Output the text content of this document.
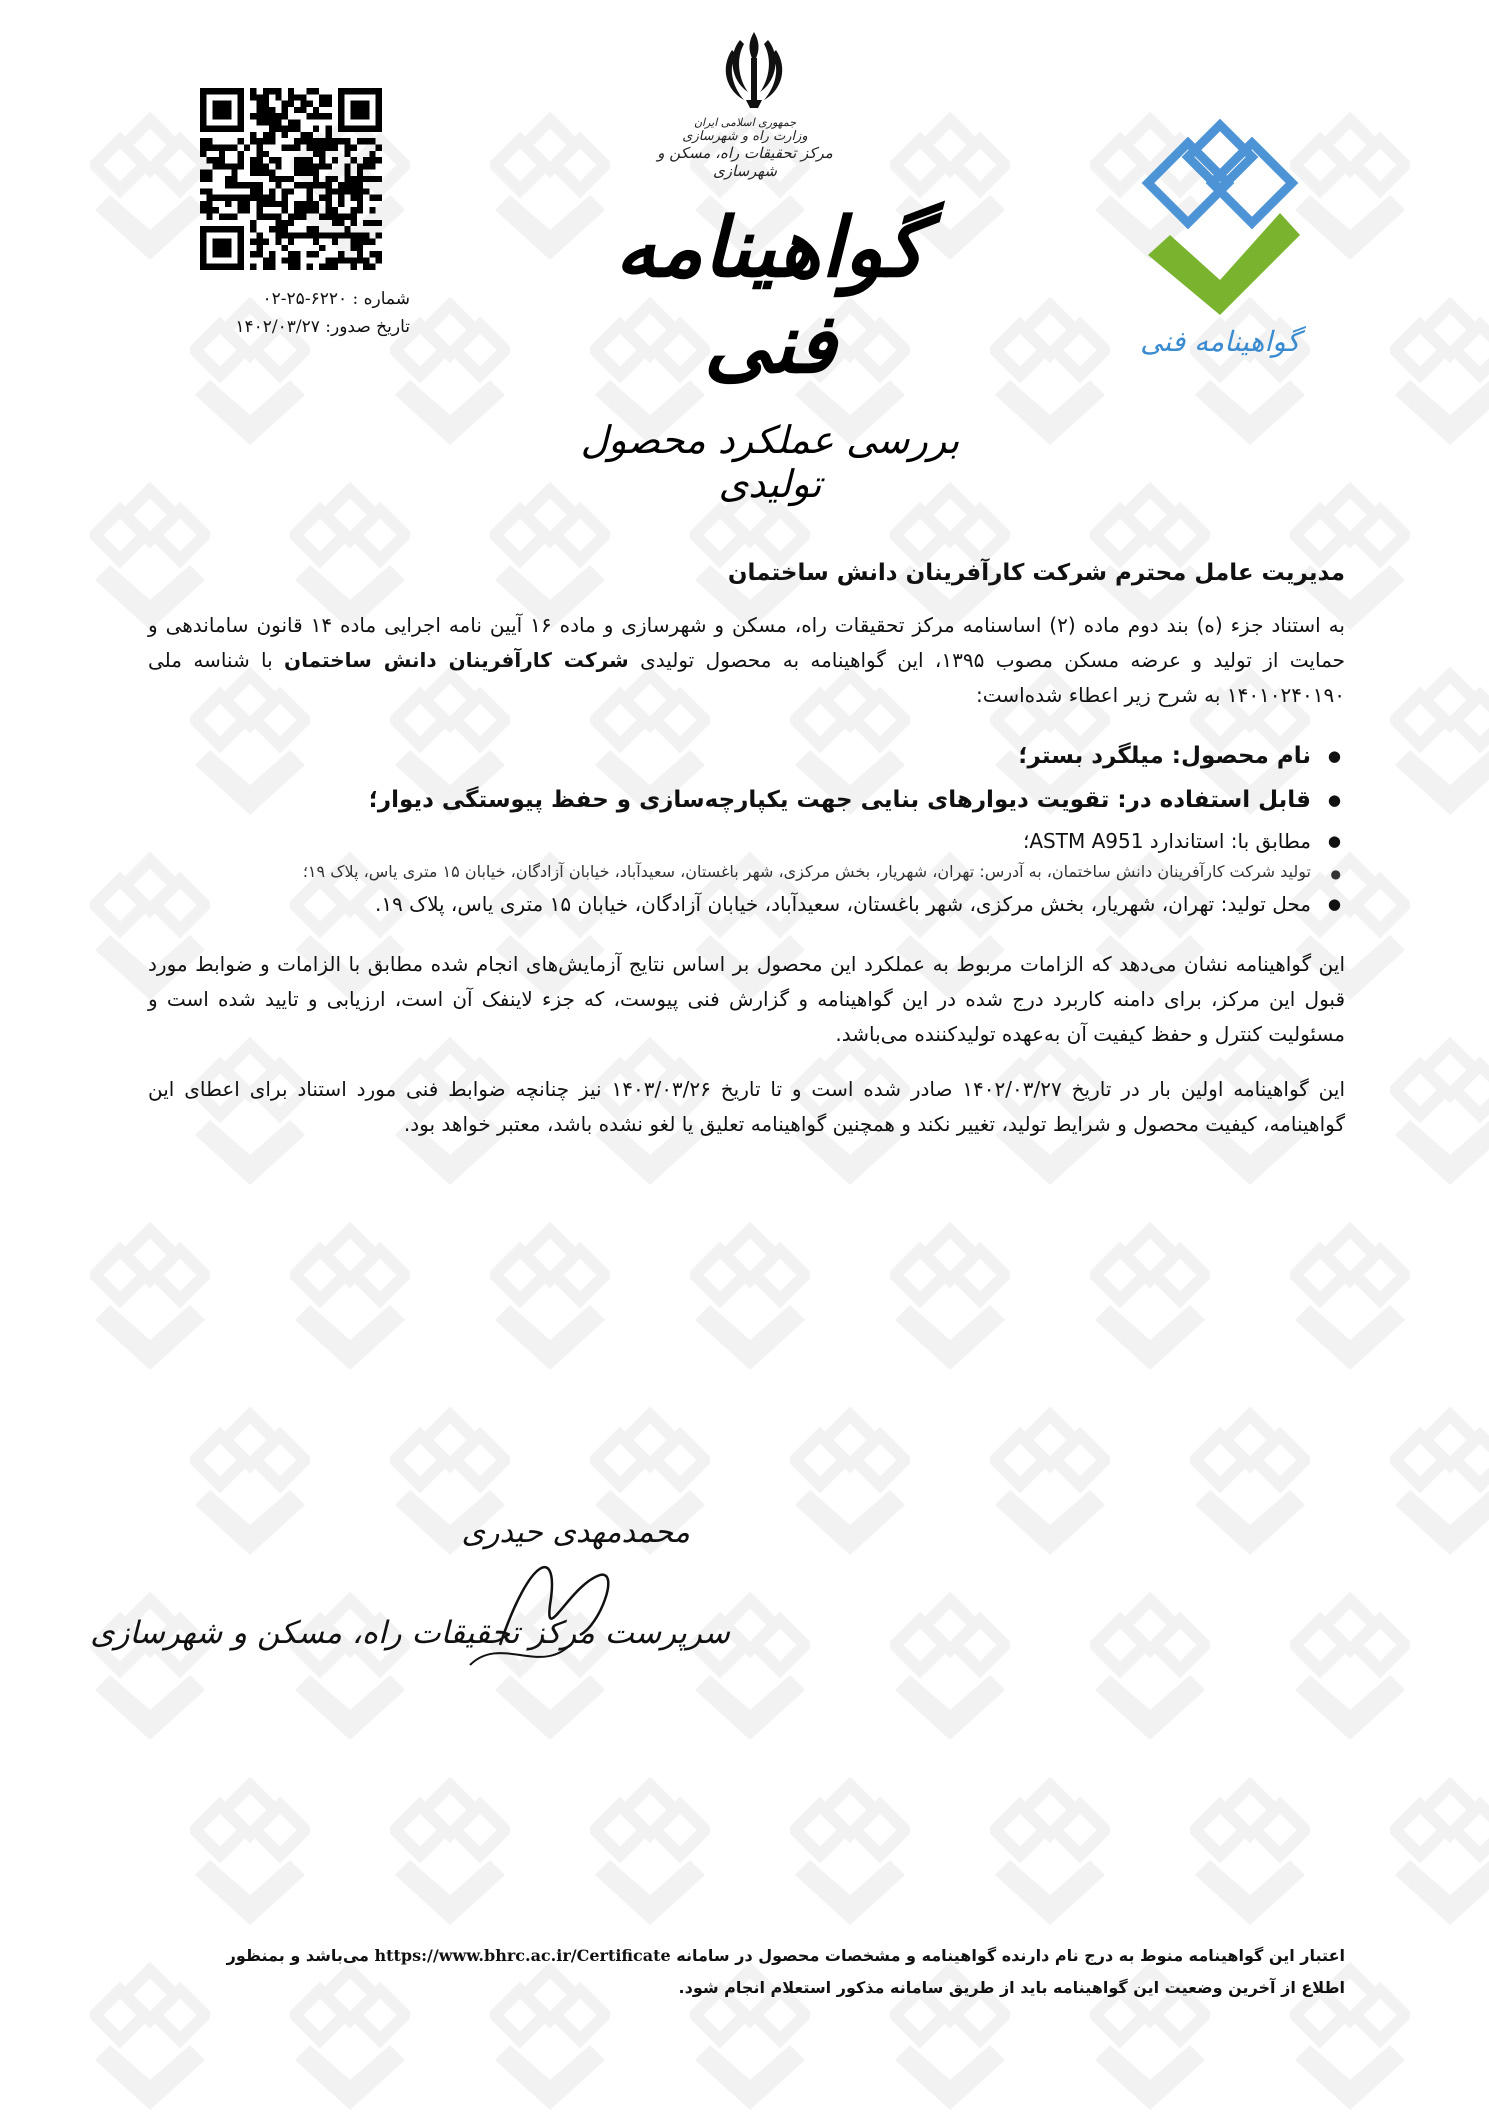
شماره : ۶۲۲۰-۲۵-۰۲
تاریخ صدور: ۱۴۰۲/۰۳/۲۷
جمهوری اسلامی ایران
وزارت راه و شهرسازی
مرکز تحقیقات راه، مسکن و شهرسازی
گواهینامه فنی
بررسی عملکرد محصول تولیدی
گواهینامه فنی
مدیریت عامل محترم شرکت کارآفرینان دانش ساختمان

به استناد جزء (ه) بند دوم ماده (۲) اساسنامه مرکز تحقیقات راه، مسکن و شهرسازی و ماده ۱۶ آیین نامه اجرایی ماده ۱۴ قانون ساماندهی و حمایت از تولید و عرضه مسکن مصوب ۱۳۹۵، این گواهینامه به محصول تولیدی شرکت کارآفرینان دانش ساختمان با شناسه ملی ۱۴۰۱۰۲۴۰۱۹۰ به شرح زیر اعطاء شده‌است:

● نام محصول: میلگرد بستر؛
● قابل استفاده در: تقویت دیوارهای بنایی جهت یکپارچه‌سازی و حفظ پیوستگی دیوار؛
● مطابق با: استاندارد ASTM A951؛
● تولید شرکت کارآفرینان دانش ساختمان، به آدرس: تهران، شهریار، بخش مرکزی، شهر باغستان، سعیدآباد، خیابان آزادگان، خیابان ۱۵ متری یاس، پلاک ۱۹؛
● محل تولید: تهران، شهریار، بخش مرکزی، شهر باغستان، سعیدآباد، خیابان آزادگان، خیابان ۱۵ متری یاس، پلاک ۱۹.

این گواهینامه نشان می‌دهد که الزامات مربوط به عملکرد این محصول بر اساس نتایج آزمایش‌های انجام شده مطابق با الزامات و ضوابط مورد قبول این مرکز، برای دامنه کاربرد درج شده در این گواهینامه و گزارش فنی پیوست، که جزء لاینفک آن است، ارزیابی و تایید شده است و مسئولیت کنترل و حفظ کیفیت آن به‌عهده تولیدکننده می‌باشد.

این گواهینامه اولین بار در تاریخ ۱۴۰۲/۰۳/۲۷ صادر شده است و تا تاریخ ۱۴۰۳/۰۳/۲۶ نیز چنانچه ضوابط فنی مورد استناد برای اعطای این گواهینامه، کیفیت محصول و شرایط تولید، تغییر نکند و همچنین گواهینامه تعلیق یا لغو نشده باشد، معتبر خواهد بود.

محمدمهدی حیدری
سرپرست مرکز تحقیقات راه، مسکن و شهرسازی
اعتبار این گواهینامه منوط به درج نام دارنده گواهینامه و مشخصات محصول در سامانه https://www.bhrc.ac.ir/Certificate می‌باشد و بمنظور
اطلاع از آخرین وضعیت این گواهینامه باید از طریق سامانه مذکور استعلام انجام شود.
